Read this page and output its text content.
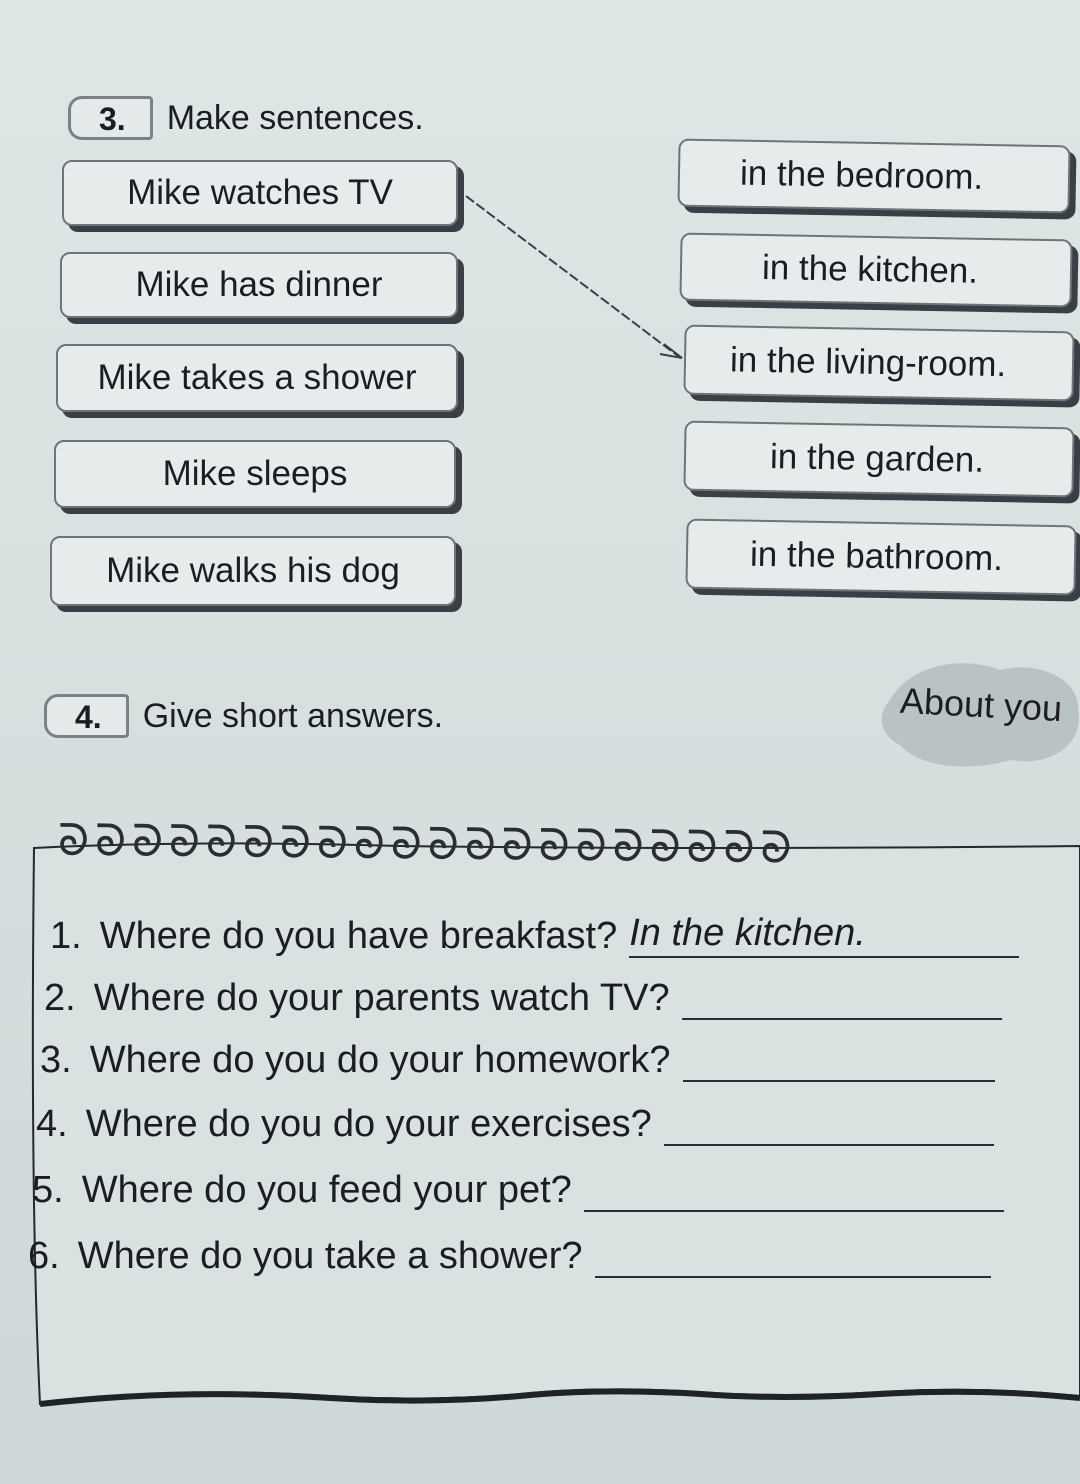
3.	Make sentences.
Mike watches TV
Mike has dinner
Mike takes a shower
Mike sleeps
Mike walks his dog
in the bedroom.
in the kitchen.
in the living-room.
in the garden.
in the bathroom.
4.	Give short answers.	About you
ᘐᘐᘐᘐᘐᘐᘐᘐᘐᘐᘐᘐᘐᘐᘐᘐᘐᘐᘐᘐ
1. Where do you have breakfast? In the kitchen.
2. Where do your parents watch TV?
3. Where do you do your homework?
4. Where do you do your exercises?
5. Where do you feed your pet?
6. Where do you take a shower?
